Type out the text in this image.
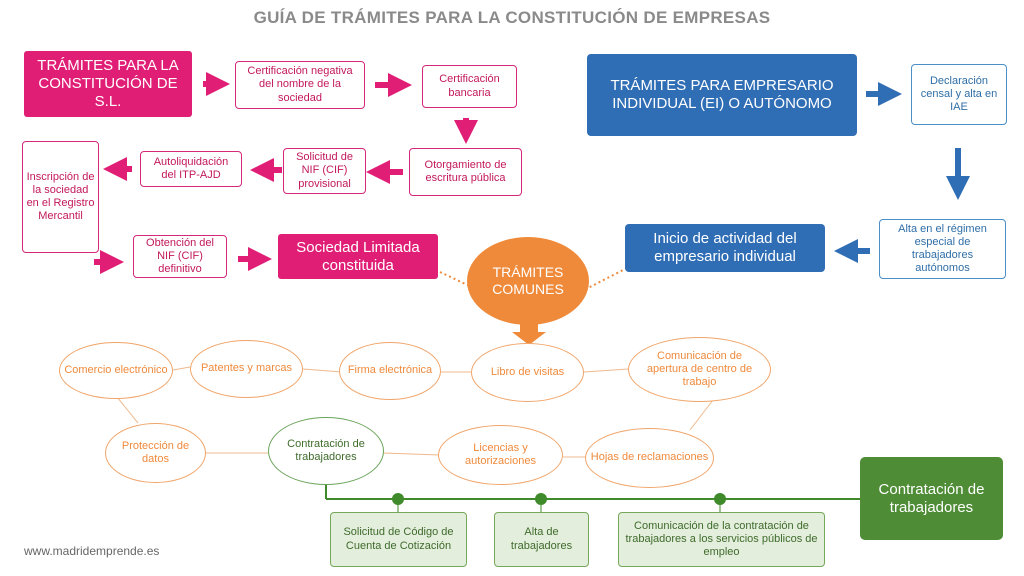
GUÍA DE TRÁMITES PARA LA CONSTITUCIÓN DE EMPRESAS
TRÁMITES PARA LA CONSTITUCIÓN DE S.L.
Certificación negativa del nombre de la sociedad
Certificación bancaria
Otorgamiento de escritura pública
Solicitud de NIF (CIF) provisional
Autoliquidación del ITP-AJD
Inscripción de la sociedad en el Registro Mercantil
Obtención del NIF (CIF) definitivo
Sociedad Limitada constituida
TRÁMITES PARA EMPRESARIO INDIVIDUAL (EI) O AUTÓNOMO
Declaración censal y alta en IAE
Alta en el régimen especial de trabajadores autónomos
Inicio de actividad del empresario individual
TRÁMITES COMUNES
Comercio electrónico	Patentes y marcas	Firma electrónica	Libro de visitas
Comunicación de apertura de centro de trabajo
Protección de datos
Contratación de trabajadores
Licencias y autorizaciones	Hojas de reclamaciones
Contratación de trabajadores
Solicitud de Código de Cuenta de Cotización
Alta de trabajadores
Comunicación de la contratación de trabajadores a los servicios públicos de empleo
www.madridemprende.es
